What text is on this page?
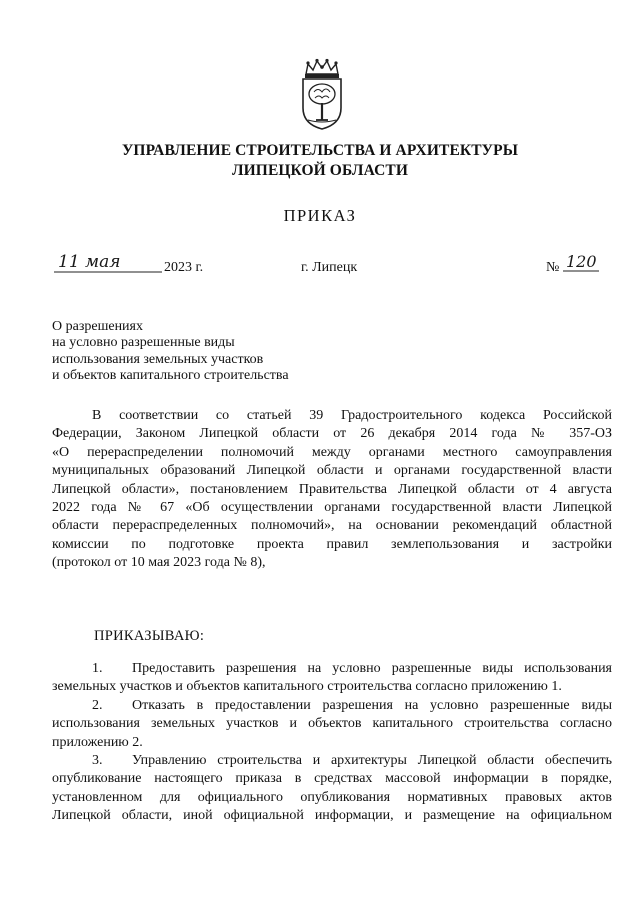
УПРАВЛЕНИЕ СТРОИТЕЛЬСТВА И АРХИТЕКТУРЫ
ЛИПЕЦКОЙ ОБЛАСТИ
ПРИКАЗ
11 мая	2023 г.	г. Липецк	№ 120
О разрешениях
на условно разрешенные виды
использования земельных участков
и объектов капитального строительства
В соответствии со статьей 39 Градостроительного кодекса Российской
Федерации, Законом Липецкой области от 26 декабря 2014 года № 357-ОЗ
«О перераспределении полномочий между органами местного самоуправления
муниципальных образований Липецкой области и органами государственной власти
Липецкой области», постановлением Правительства Липецкой области от 4 августа
2022 года № 67 «Об осуществлении органами государственной власти Липецкой
области перераспределенных полномочий», на основании рекомендаций областной
комиссии по подготовке проекта правил землепользования и застройки
(протокол от 10 мая 2023 года № 8),
ПРИКАЗЫВАЮ:
1. Предоставить разрешения на условно разрешенные виды использования
земельных участков и объектов капитального строительства согласно приложению 1.
2. Отказать в предоставлении разрешения на условно разрешенные виды
использования земельных участков и объектов капитального строительства согласно
приложению 2.
3. Управлению строительства и архитектуры Липецкой области обеспечить
опубликование настоящего приказа в средствах массовой информации в порядке,
установленном для официального опубликования нормативных правовых актов
Липецкой области, иной официальной информации, и размещение на официальном
